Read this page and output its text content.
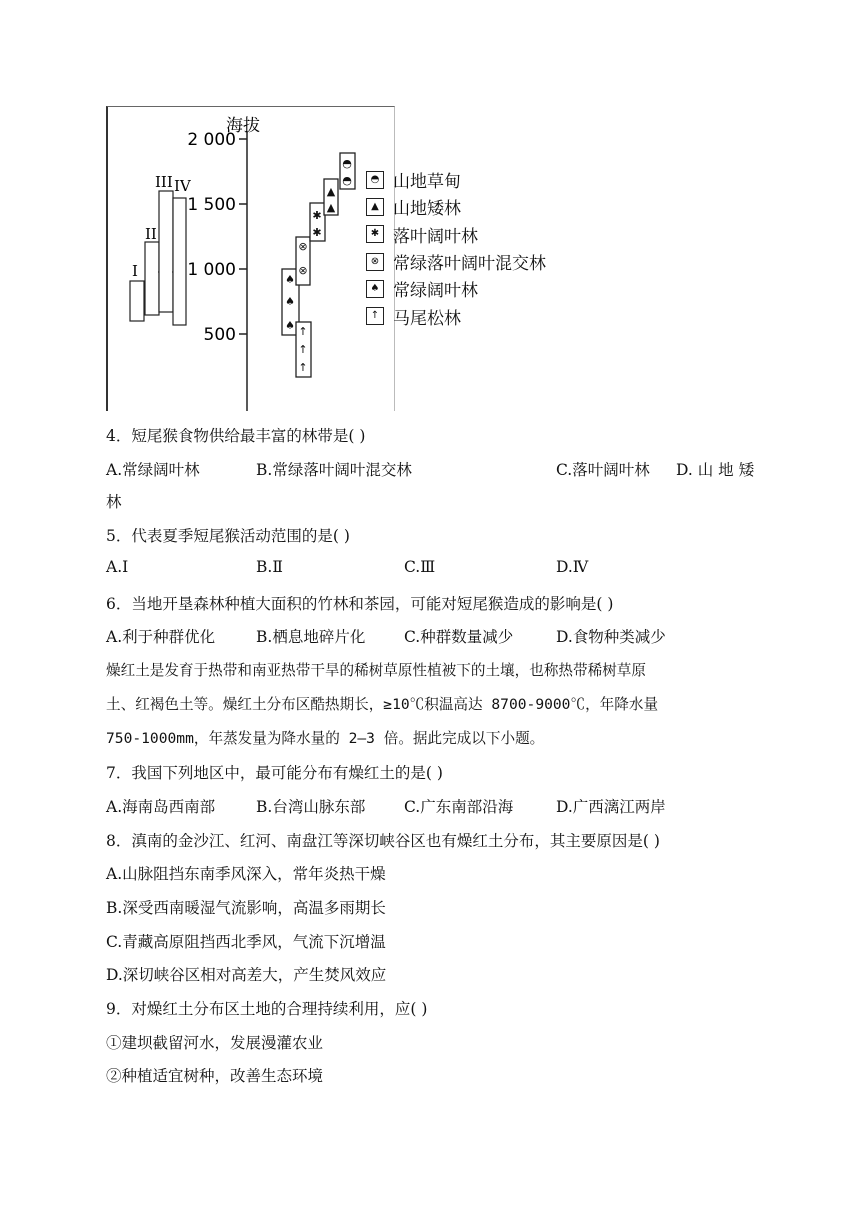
海拔
2 000
1 500
1 000
500
I
II
III IV
♠
♠
♠ ↑
↑
↑
⊗
⊗
✱
✱
▲
▲
◓
◓	◓ 山地草甸
▲ 山地矮林
✱ 落叶阔叶林
⊗ 常绿落叶阔叶混交林
♠ 常绿阔叶林
↑ 马尾松林
4．短尾猴食物供给最丰富的林带是( )
A.常绿阔叶林	B.常绿落叶阔叶混交林	C.落叶阔叶林 D. 山 地 矮
林
5．代表夏季短尾猴活动范围的是( )
A.I	B.Ⅱ	C.Ⅲ	D.Ⅳ
6．当地开垦森林种植大面积的竹林和茶园，可能对短尾猴造成的影响是( )
A.利于种群优化	B.栖息地碎片化 C.种群数量减少	D.食物种类减少
燥红土是发育于热带和南亚热带干旱的稀树草原性植被下的土壤，也称热带稀树草原
土、红褐色土等。燥红土分布区酷热期长，≥10℃积温高达 8700-9000℃，年降水量
750-1000mm，年蒸发量为降水量的 2—3 倍。据此完成以下小题。
7．我国下列地区中，最可能分布有燥红土的是( )
A.海南岛西南部	B.台湾山脉东部 C.广东南部沿海	D.广西漓江两岸
8．滇南的金沙江、红河、南盘江等深切峡谷区也有燥红土分布，其主要原因是( )
A.山脉阻挡东南季风深入，常年炎热干燥
B.深受西南暖湿气流影响，高温多雨期长
C.青藏高原阻挡西北季风，气流下沉增温
D.深切峡谷区相对高差大，产生焚风效应
9．对燥红土分布区土地的合理持续利用，应( )
①建坝截留河水，发展漫灌农业
②种植适宜树种，改善生态环境
